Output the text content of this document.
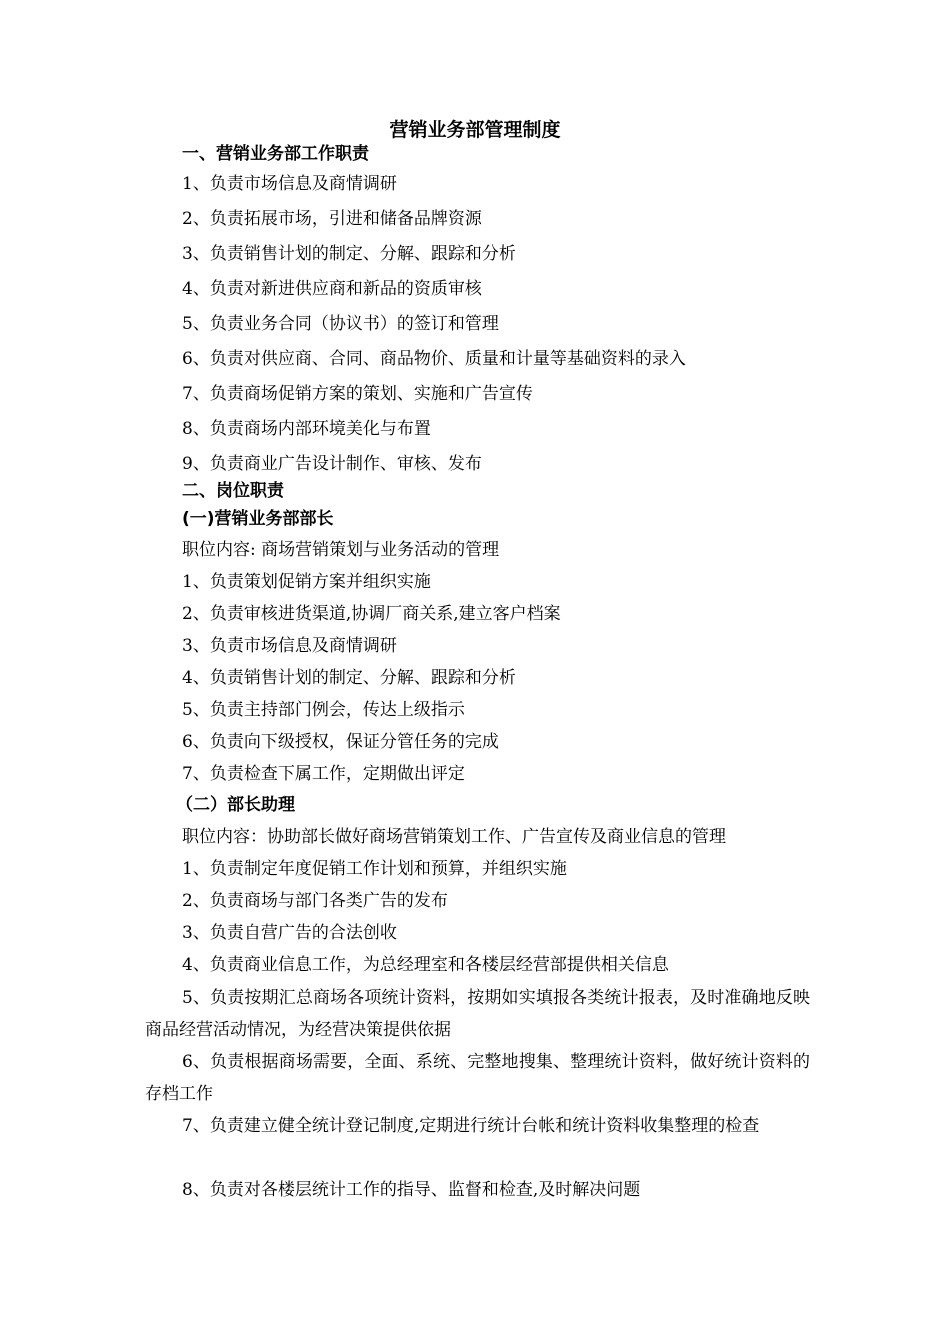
营销业务部管理制度
一、营销业务部工作职责

1、负责市场信息及商情调研

2、负责拓展市场，引进和储备品牌资源

3、负责销售计划的制定、分解、跟踪和分析

4、负责对新进供应商和新品的资质审核

5、负责业务合同（协议书）的签订和管理

6、负责对供应商、合同、商品物价、质量和计量等基础资料的录入

7、负责商场促销方案的策划、实施和广告宣传

8、负责商场内部环境美化与布置

9、负责商业广告设计制作、审核、发布

二、岗位职责
(一)营销业务部部长

职位内容: 商场营销策划与业务活动的管理

1、负责策划促销方案并组织实施

2、负责审核进货渠道,协调厂商关系,建立客户档案

3、负责市场信息及商情调研

4、负责销售计划的制定、分解、跟踪和分析

5、负责主持部门例会，传达上级指示

6、负责向下级授权，保证分管任务的完成

7、负责检查下属工作，定期做出评定

（二）部长助理

职位内容：协助部长做好商场营销策划工作、广告宣传及商业信息的管理

1、负责制定年度促销工作计划和预算，并组织实施

2、负责商场与部门各类广告的发布

3、负责自营广告的合法创收

4、负责商业信息工作，为总经理室和各楼层经营部提供相关信息

5、负责按期汇总商场各项统计资料，按期如实填报各类统计报表，及时准确地反映商品经营活动情况，为经营决策提供依据

6、负责根据商场需要，全面、系统、完整地搜集、整理统计资料，做好统计资料的存档工作

7、负责建立健全统计登记制度,定期进行统计台帐和统计资料收集整理的检查

8、负责对各楼层统计工作的指导、监督和检查,及时解决问题
